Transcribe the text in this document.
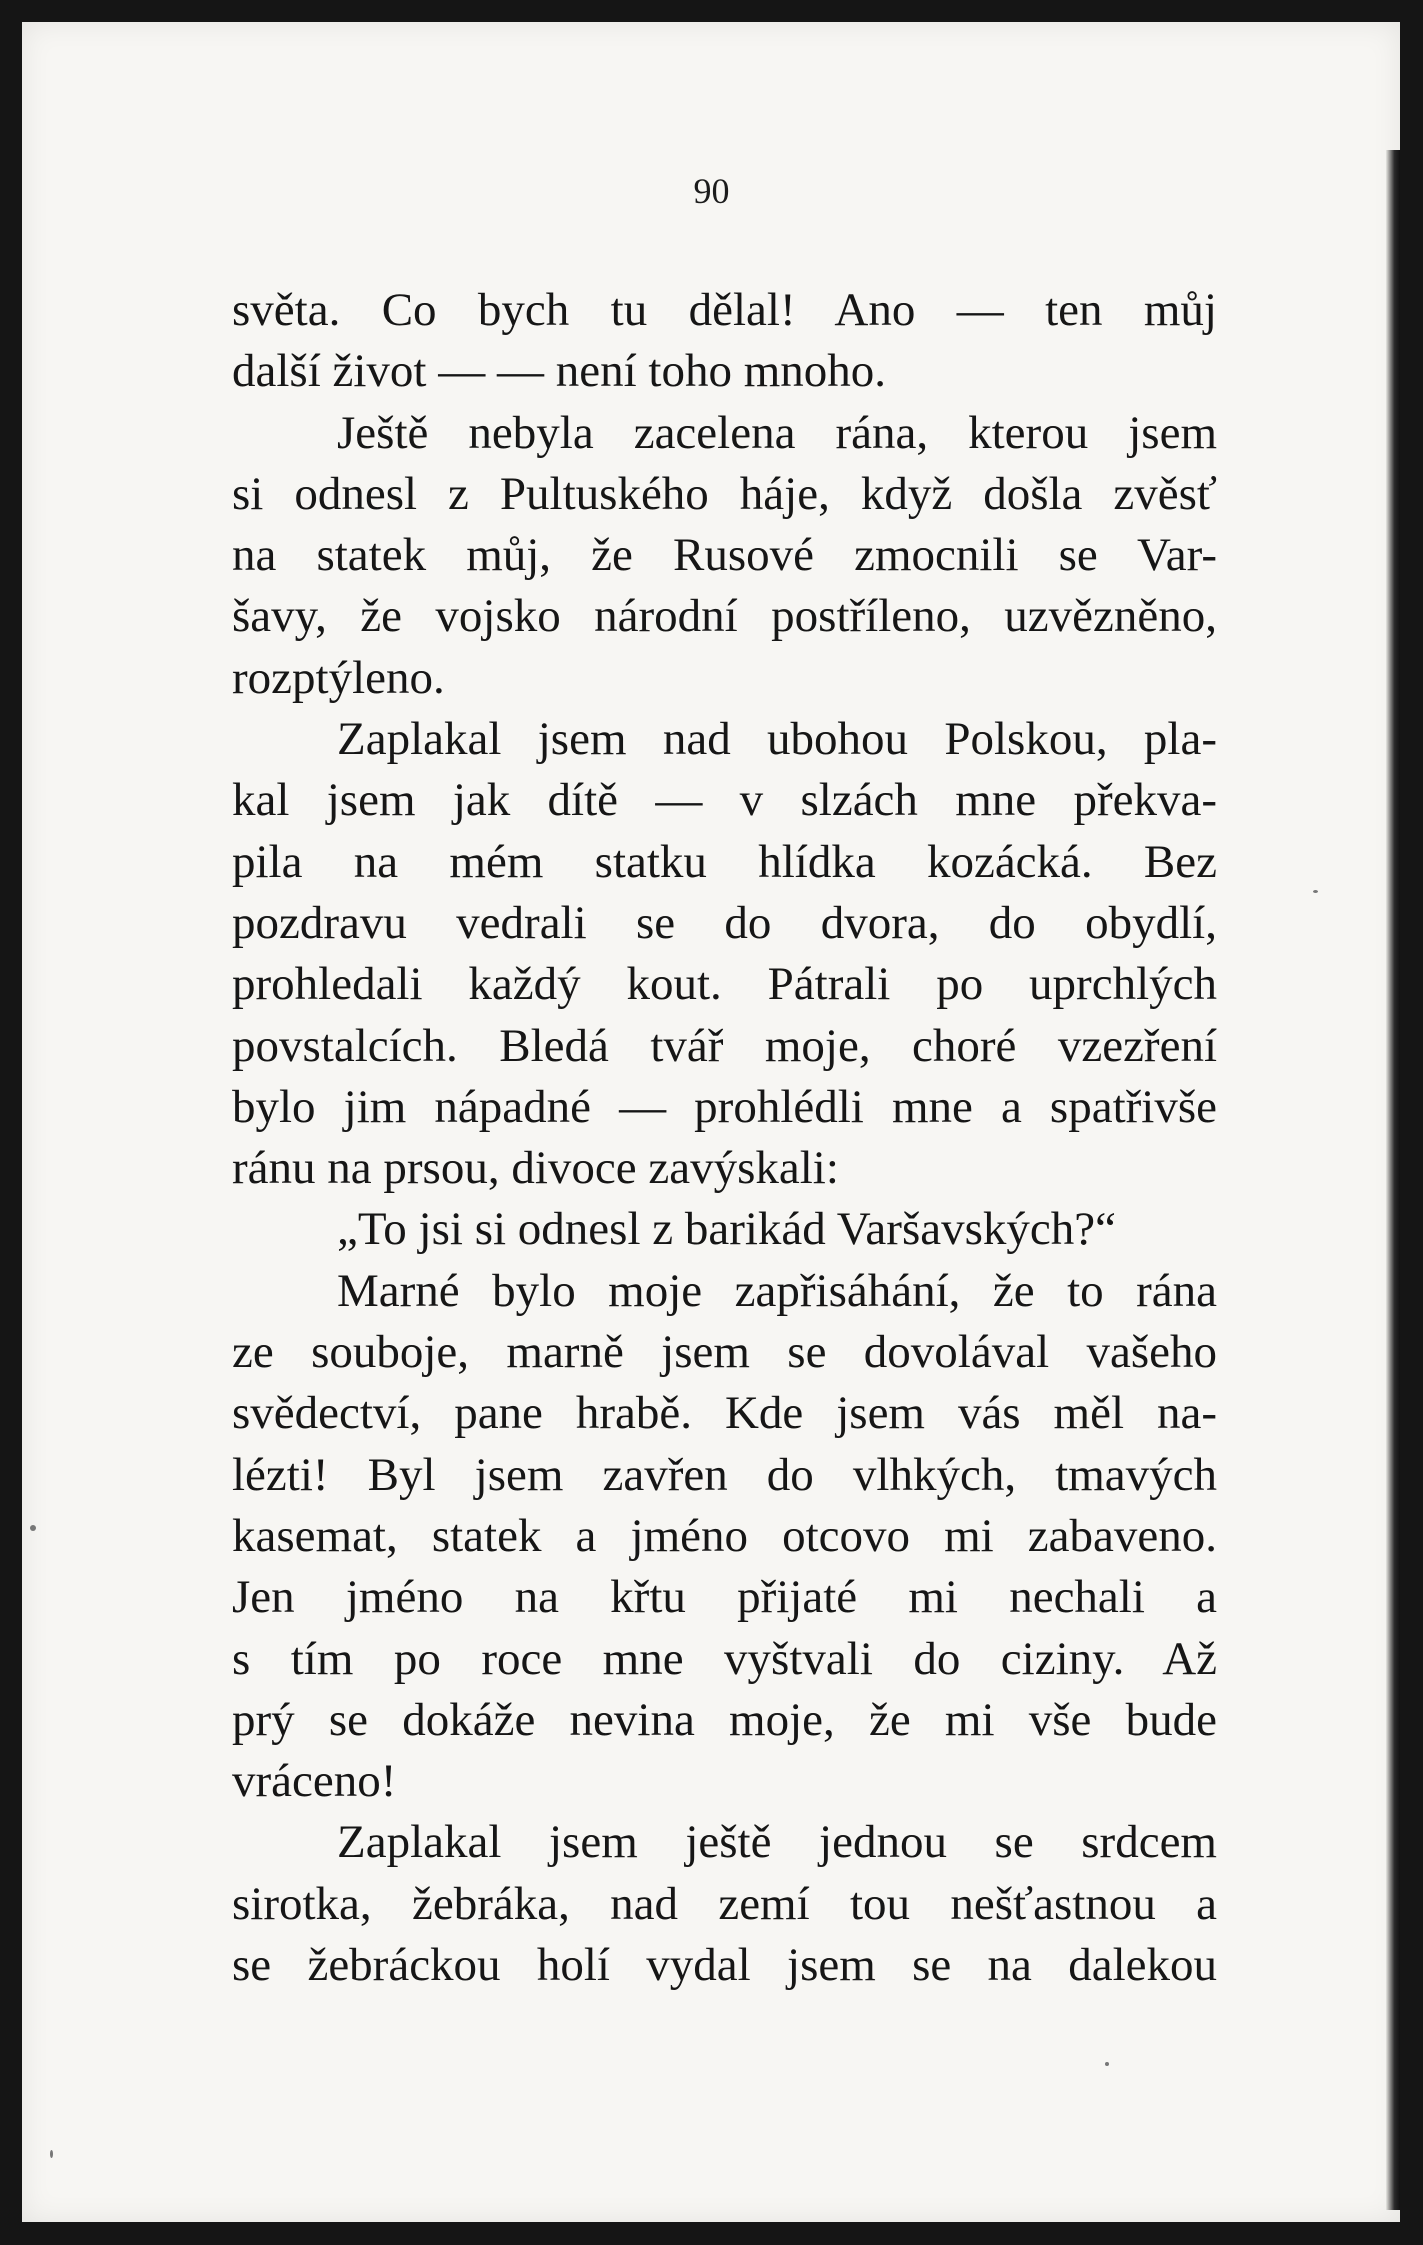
90
světa. Co bych tu dělal! Ano — ten můj
další život — — není toho mnoho.
Ještě nebyla zacelena rána, kterou jsem
si odnesl z Pultuského háje, když došla zvěsť
na statek můj, že Rusové zmocnili se Var-
šavy, že vojsko národní postříleno, uzvězněno,
rozptýleno.
Zaplakal jsem nad ubohou Polskou, pla-
kal jsem jak dítě — v slzách mne překva-
pila na mém statku hlídka kozácká. Bez
pozdravu vedrali se do dvora, do obydlí,
prohledali každý kout. Pátrali po uprchlých
povstalcích. Bledá tvář moje, choré vzezření
bylo jim nápadné — prohlédli mne a spatřivše
ránu na prsou, divoce zavýskali:
„To jsi si odnesl z barikád Varšavských?“
Marné bylo moje zapřisáhání, že to rána
ze souboje, marně jsem se dovolával vašeho
svědectví, pane hrabě. Kde jsem vás měl na-
lézti! Byl jsem zavřen do vlhkých, tmavých
kasemat, statek a jméno otcovo mi zabaveno.
Jen jméno na křtu přijaté mi nechali a
s tím po roce mne vyštvali do ciziny. Až
prý se dokáže nevina moje, že mi vše bude
vráceno!
Zaplakal jsem ještě jednou se srdcem
sirotka, žebráka, nad zemí tou nešťastnou a
se žebráckou holí vydal jsem se na dalekou
